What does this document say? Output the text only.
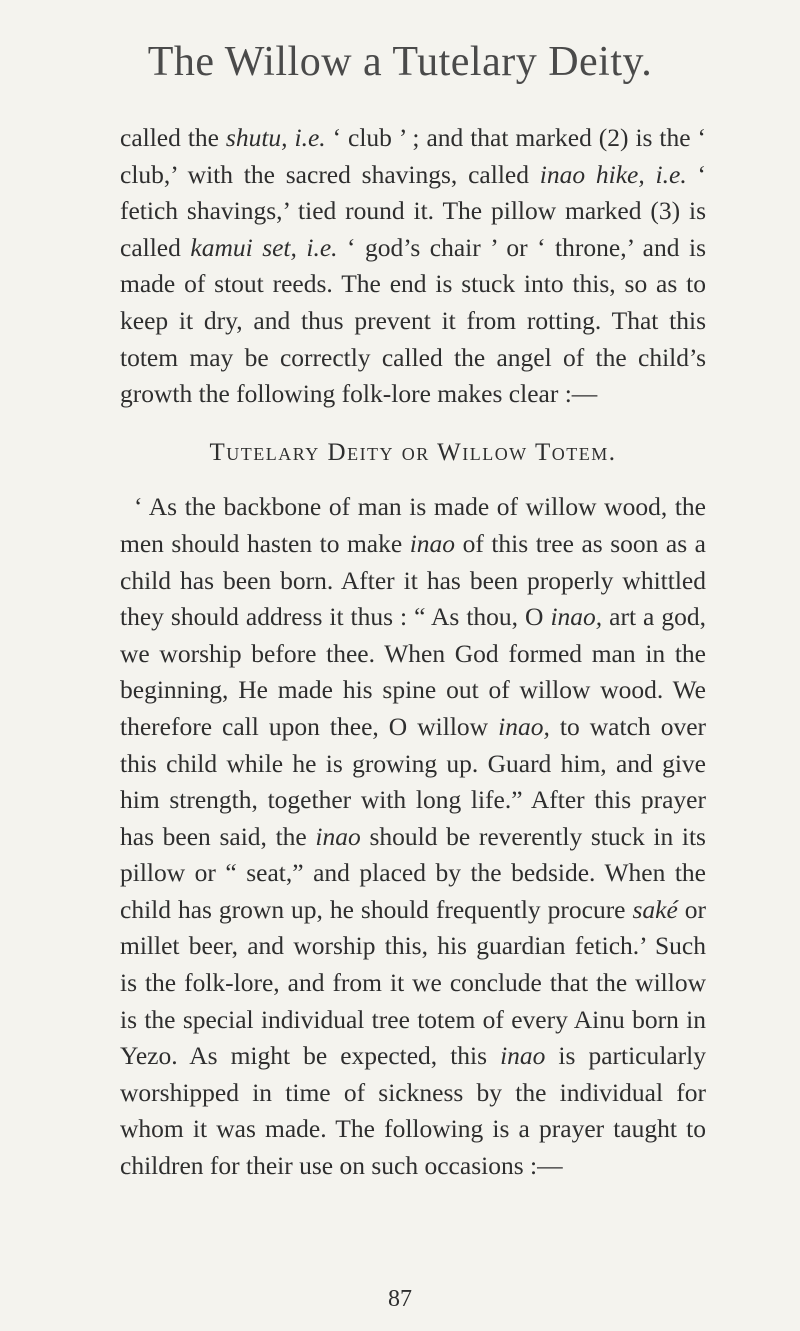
The Willow a Tutelary Deity.

called the shutu, i.e. ‘ club ’ ; and that marked (2) is the ‘ club,’ with the sacred shavings, called inao hike, i.e. ‘ fetich shavings,’ tied round it. The pillow marked (3) is called kamui set, i.e. ‘ god’s chair ’ or ‘ throne,’ and is made of stout reeds. The end is stuck into this, so as to keep it dry, and thus prevent it from rotting. That this totem may be correctly called the angel of the child’s growth the following folk-lore makes clear :—

Tutelary Deity or Willow Totem.

‘ As the backbone of man is made of willow wood, the men should hasten to make inao of this tree as soon as a child has been born. After it has been properly whittled they should address it thus : “ As thou, O inao, art a god, we worship before thee. When God formed man in the beginning, He made his spine out of willow wood. We therefore call upon thee, O willow inao, to watch over this child while he is growing up. Guard him, and give him strength, together with long life.” After this prayer has been said, the inao should be reverently stuck in its pillow or “ seat,” and placed by the bedside. When the child has grown up, he should frequently procure saké or millet beer, and worship this, his guardian fetich.’ Such is the folk-lore, and from it we conclude that the willow is the special individual tree totem of every Ainu born in Yezo. As might be expected, this inao is particularly worshipped in time of sickness by the individual for whom it was made. The following is a prayer taught to children for their use on such occasions :—

87
